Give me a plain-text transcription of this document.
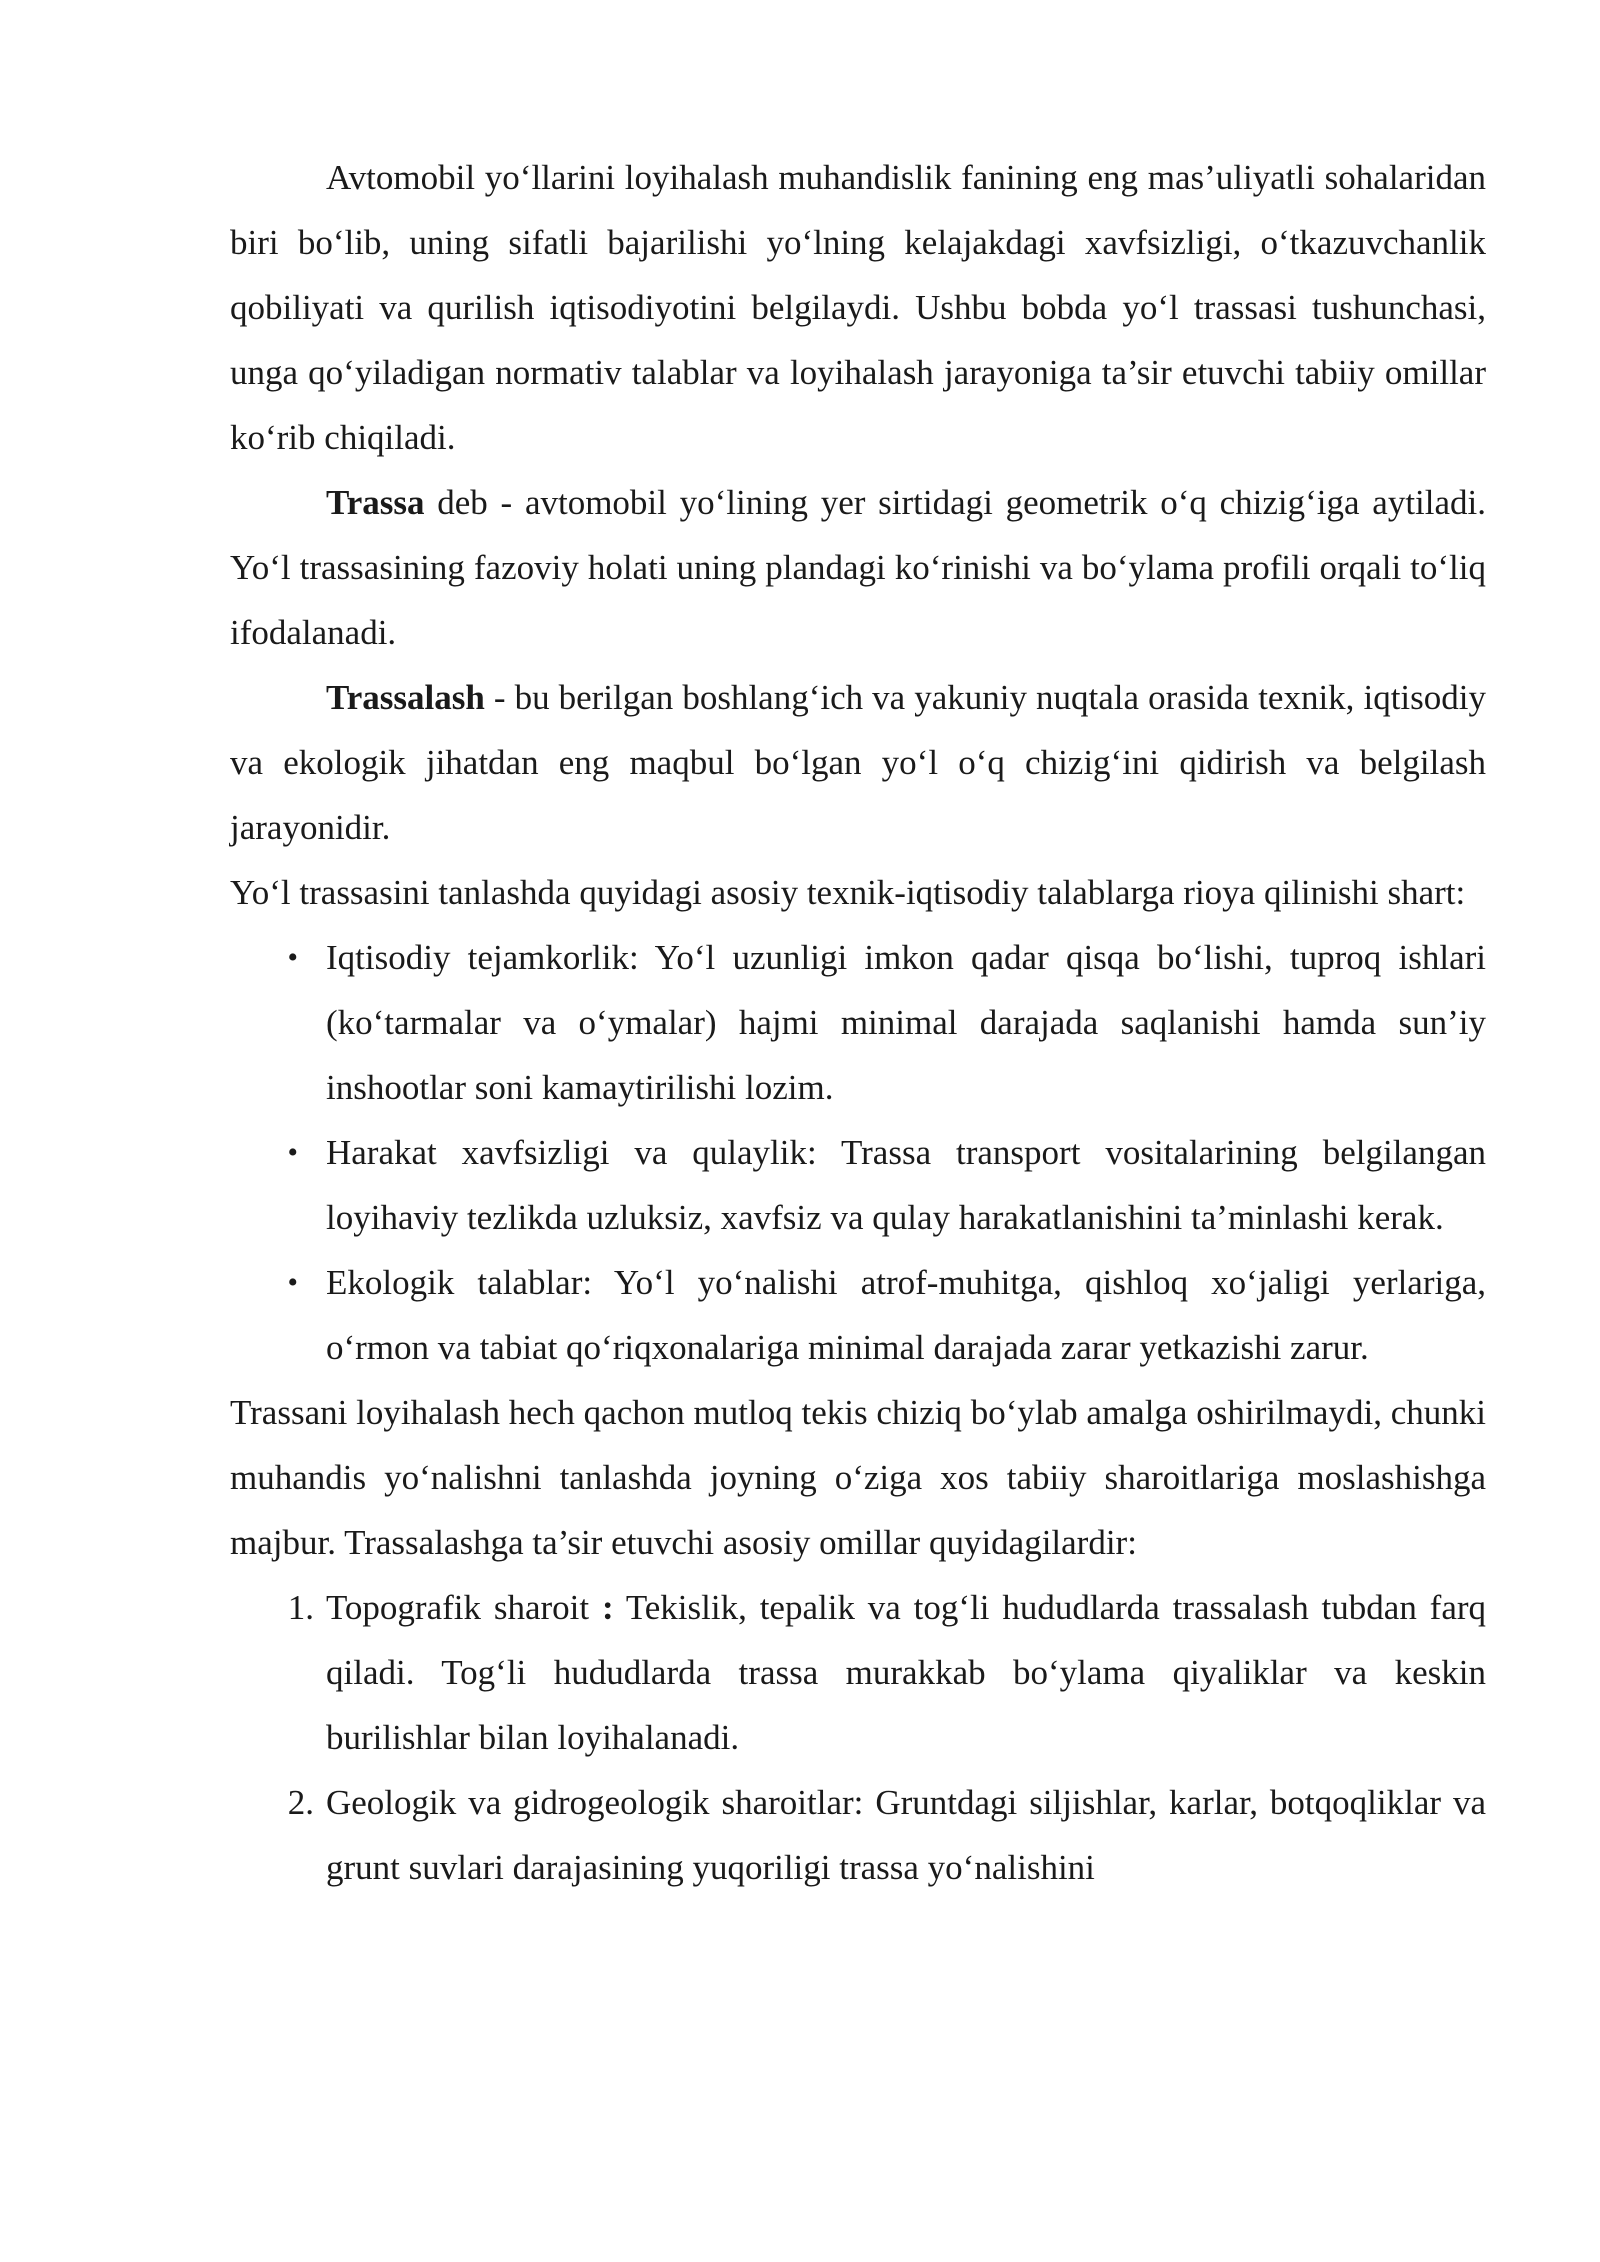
Avtomobil yo‘llarini loyihalash muhandislik fanining eng mas’uliyatli sohalaridan biri bo‘lib, uning sifatli bajarilishi yo‘lning kelajakdagi xavfsizligi, o‘tkazuvchanlik qobiliyati va qurilish iqtisodiyotini belgilaydi. Ushbu bobda yo‘l trassasi tushunchasi, unga qo‘yiladigan normativ talablar va loyihalash jarayoniga ta’sir etuvchi tabiiy omillar ko‘rib chiqiladi.

Trassa deb - avtomobil yo‘lining yer sirtidagi geometrik o‘q chizig‘iga aytiladi. Yo‘l trassasining fazoviy holati uning plandagi ko‘rinishi va bo‘ylama profili orqali to‘liq ifodalanadi.

Trassalash - bu berilgan boshlang‘ich va yakuniy nuqtala orasida texnik, iqtisodiy va ekologik jihatdan eng maqbul bo‘lgan yo‘l o‘q chizig‘ini qidirish va belgilash jarayonidir.

Yo‘l trassasini tanlashda quyidagi asosiy texnik-iqtisodiy talablarga rioya qilinishi shart:

• Iqtisodiy tejamkorlik: Yo‘l uzunligi imkon qadar qisqa bo‘lishi, tuproq ishlari (ko‘tarmalar va o‘ymalar) hajmi minimal darajada saqlanishi hamda sun’iy inshootlar soni kamaytirilishi lozim.
• Harakat xavfsizligi va qulaylik: Trassa transport vositalarining belgilangan loyihaviy tezlikda uzluksiz, xavfsiz va qulay harakatlanishini ta’minlashi kerak.
• Ekologik talablar: Yo‘l yo‘nalishi atrof-muhitga, qishloq xo‘jaligi yerlariga, o‘rmon va tabiat qo‘riqxonalariga minimal darajada zarar yetkazishi zarur.

Trassani loyihalash hech qachon mutloq tekis chiziq bo‘ylab amalga oshirilmaydi, chunki muhandis yo‘nalishni tanlashda joyning o‘ziga xos tabiiy sharoitlariga moslashishga majbur. Trassalashga ta’sir etuvchi asosiy omillar quyidagilardir:

1. Topografik sharoit : Tekislik, tepalik va tog‘li hududlarda trassalash tubdan farq qiladi. Tog‘li hududlarda trassa murakkab bo‘ylama qiyaliklar va keskin burilishlar bilan loyihalanadi.
2. Geologik va gidrogeologik sharoitlar: Gruntdagi siljishlar, karlar, botqoqliklar va grunt suvlari darajasining yuqoriligi trassa yo‘nalishini
